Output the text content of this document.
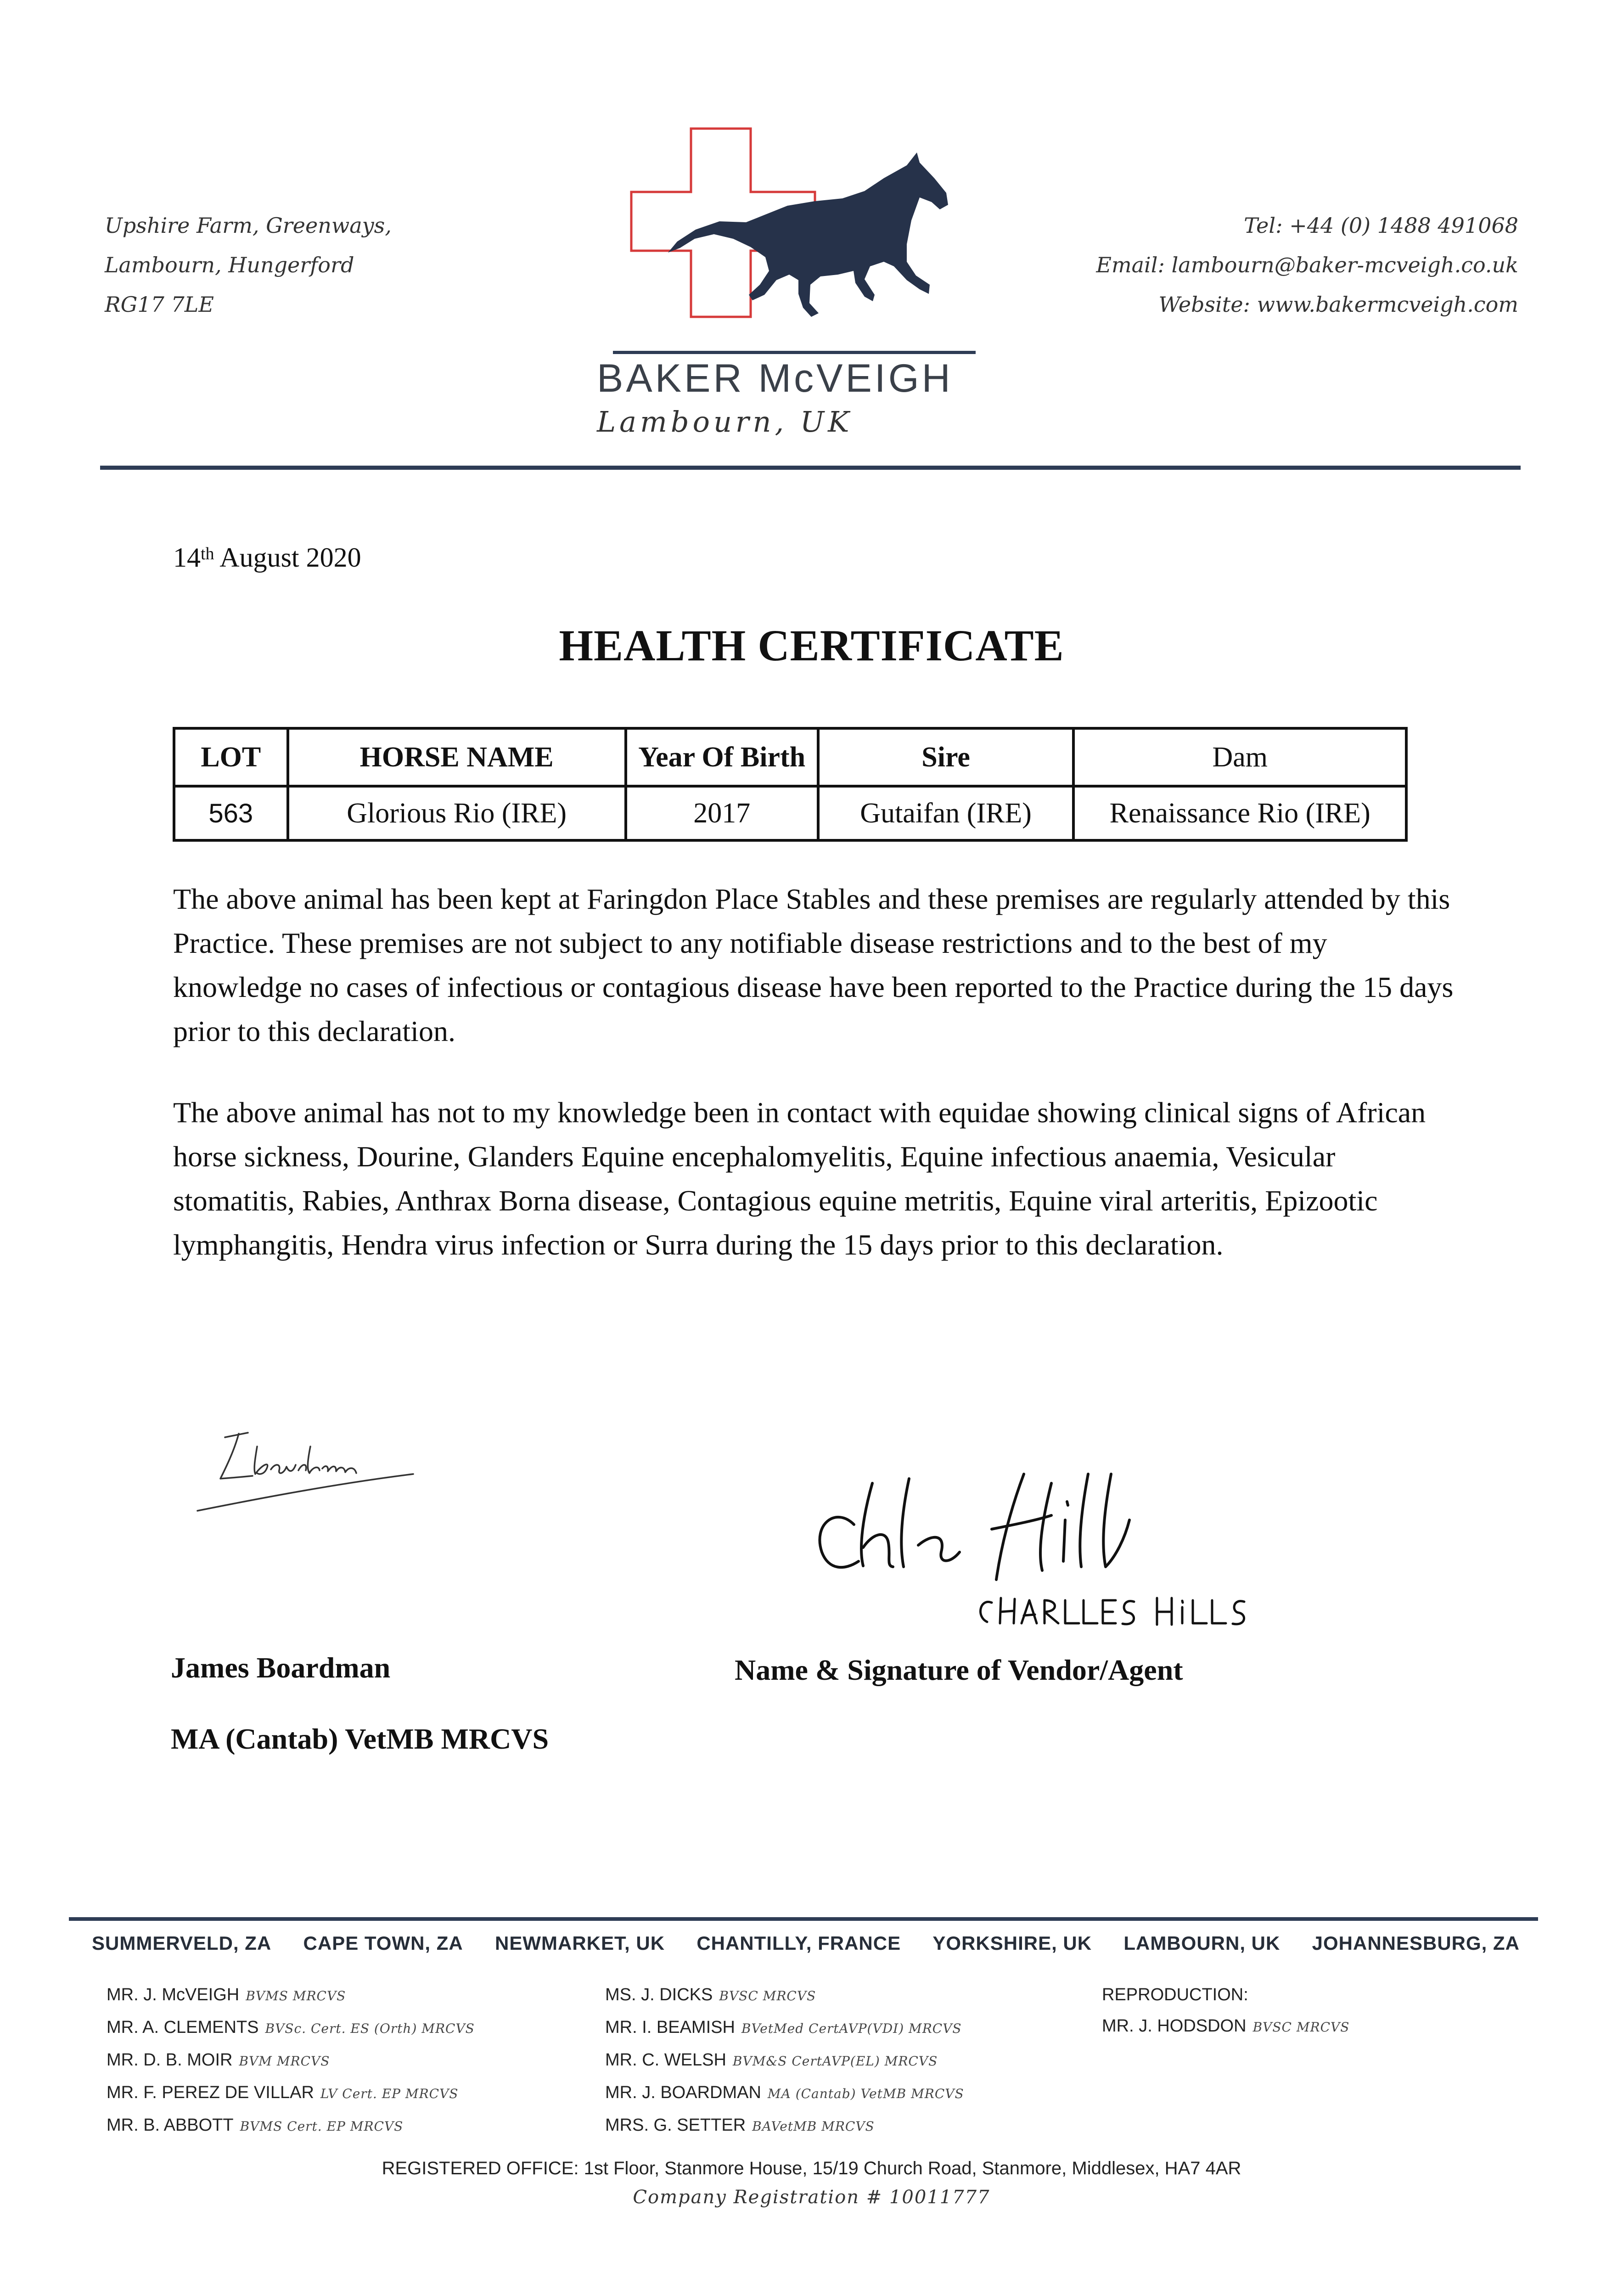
Upshire Farm, Greenways,
Lambourn, Hungerford
RG17 7LE
BAKER McVEIGH
Lambourn, UK
Tel: +44 (0) 1488 491068
Email: lambourn@baker-mcveigh.co.uk
Website: www.bakermcveigh.com
14th August 2020
HEALTH CERTIFICATE
LOT	HORSE NAME	Year Of Birth	Sire	Dam
563	Glorious Rio (IRE)	2017	Gutaifan (IRE)	Renaissance Rio (IRE)
The above animal has been kept at Faringdon Place Stables and these premises are regularly attended by this Practice. These premises are not subject to any notifiable disease restrictions and to the best of my knowledge no cases of infectious or contagious disease have been reported to the Practice during the 15 days prior to this declaration.
The above animal has not to my knowledge been in contact with equidae showing clinical signs of African horse sickness, Dourine, Glanders Equine encephalomyelitis, Equine infectious anaemia, Vesicular stomatitis, Rabies, Anthrax Borna disease, Contagious equine metritis, Equine viral arteritis, Epizootic lymphangitis, Hendra virus infection or Surra during the 15 days prior to this declaration.
James Boardman
MA (Cantab) VetMB MRCVS
Name & Signature of Vendor/Agent
SUMMERVELD, ZA CAPE TOWN, ZA NEWMARKET, UK CHANTILLY, FRANCE YORKSHIRE, UK LAMBOURN, UK JOHANNESBURG, ZA
MR. J. McVEIGH BVMS MRCVS
MR. A. CLEMENTS BVSc. Cert. ES (Orth) MRCVS
MR. D. B. MOIR BVM MRCVS
MR. F. PEREZ DE VILLAR LV Cert. EP MRCVS
MR. B. ABBOTT BVMS Cert. EP MRCVS
MS. J. DICKS BVSC MRCVS
MR. I. BEAMISH BVetMed CertAVP(VDI) MRCVS
MR. C. WELSH BVM&S CertAVP(EL) MRCVS
MR. J. BOARDMAN MA (Cantab) VetMB MRCVS
MRS. G. SETTER BAVetMB MRCVS
REPRODUCTION:
MR. J. HODSDON BVSC MRCVS
REGISTERED OFFICE: 1st Floor, Stanmore House, 15/19 Church Road, Stanmore, Middlesex, HA7 4AR
Company Registration # 10011777
